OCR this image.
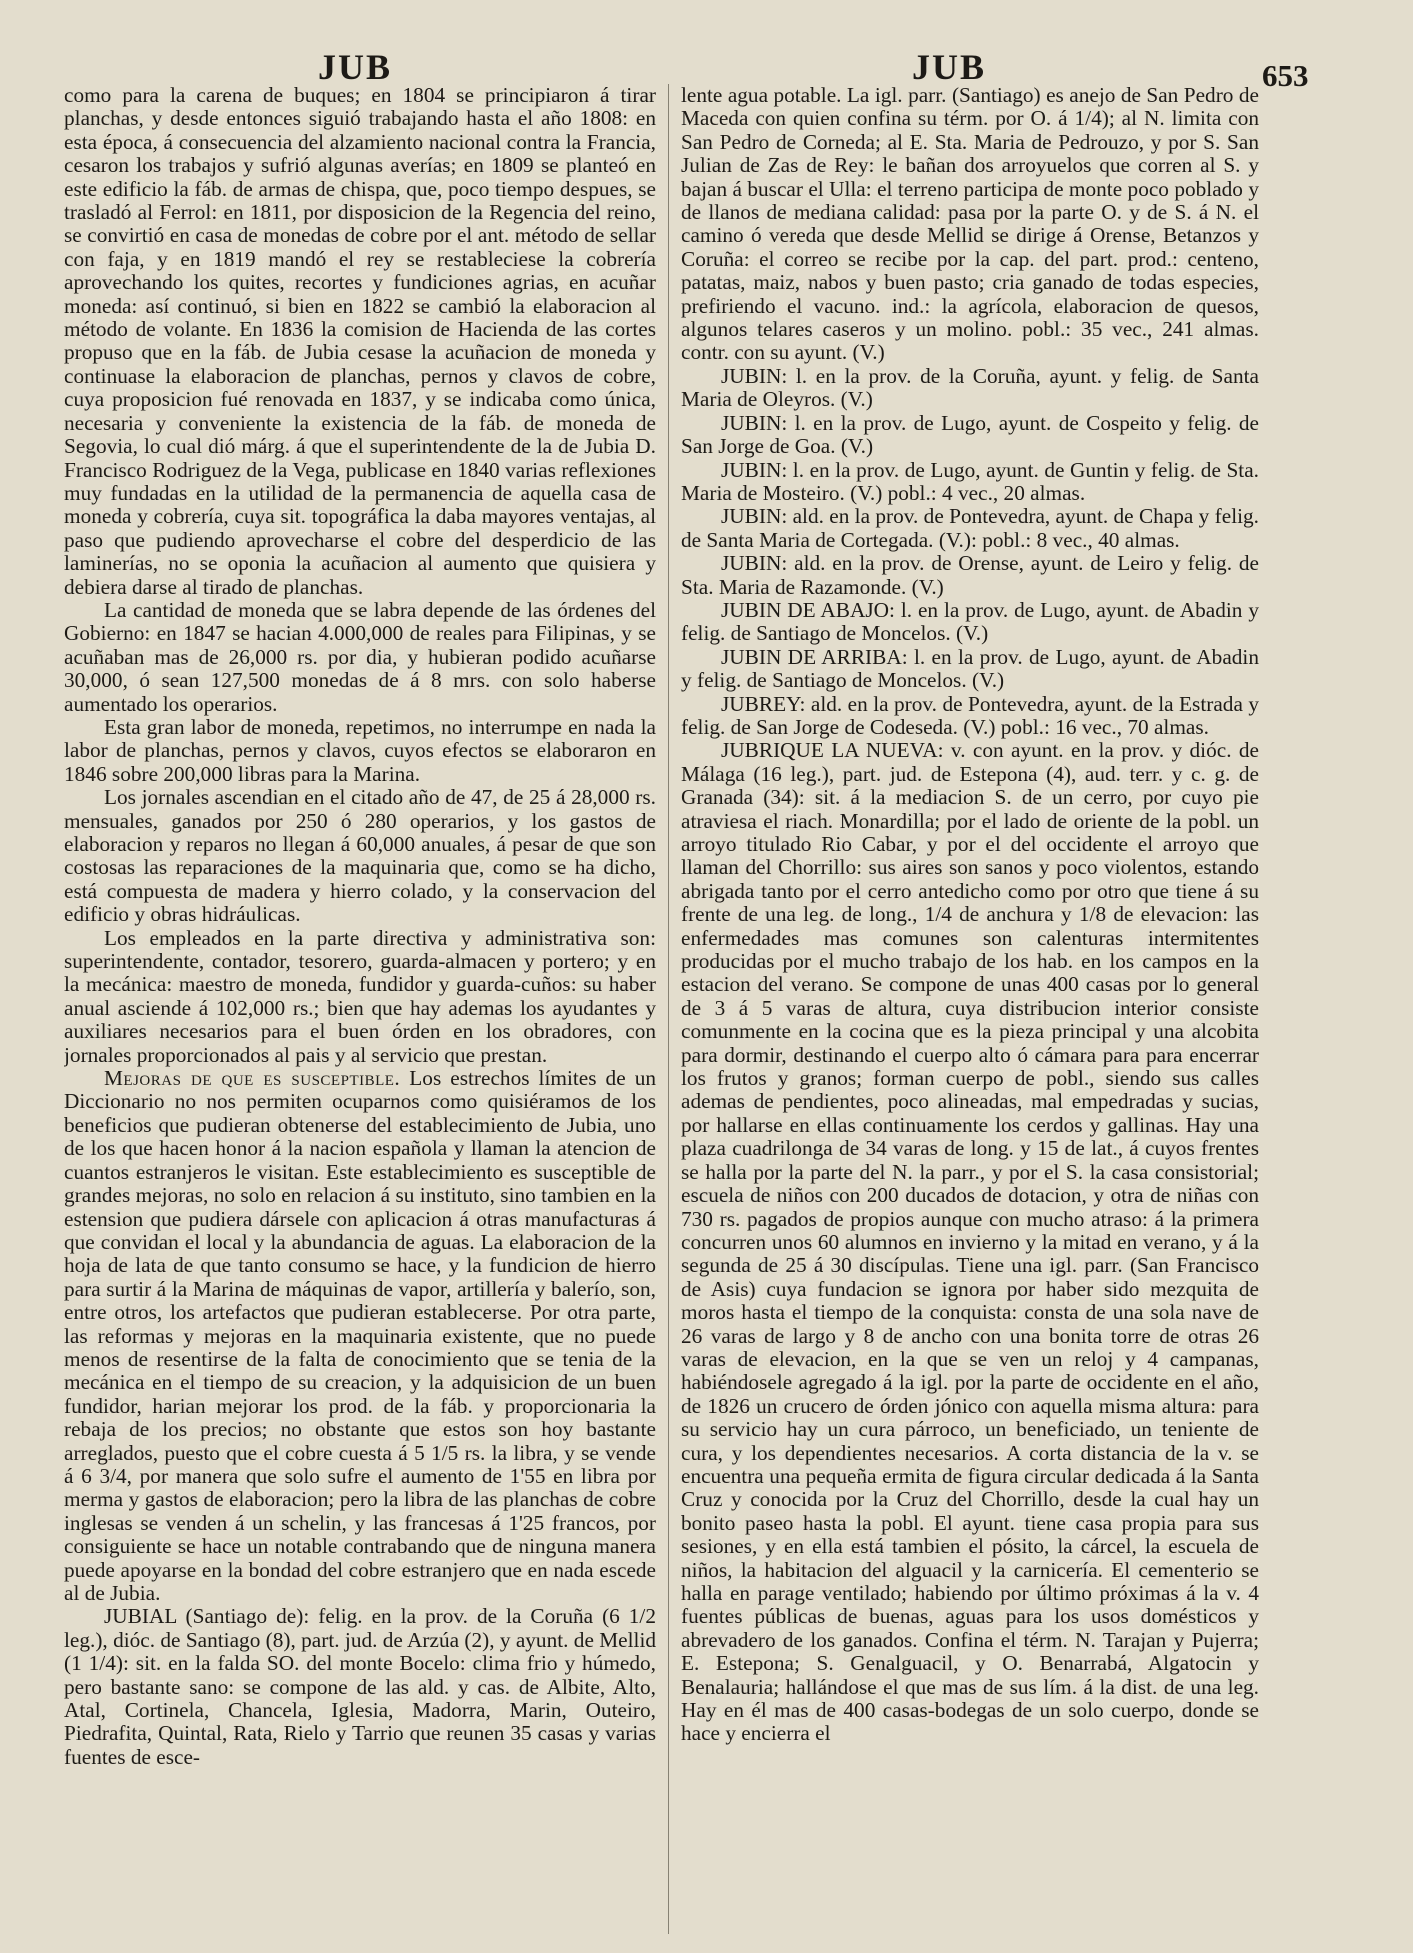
JUB	JUB	653

como para la carena de buques; en 1804 se principiaron á tirar planchas, y desde entonces siguió trabajando hasta el año 1808: en esta época, á consecuencia del alzamiento nacional contra la Francia, cesaron los trabajos y sufrió algunas averías; en 1809 se planteó en este edificio la fáb. de armas de chispa, que, poco tiempo despues, se trasladó al Ferrol: en 1811, por disposicion de la Regencia del reino, se convirtió en casa de monedas de cobre por el ant. método de sellar con faja, y en 1819 mandó el rey se restableciese la cobrería aprovechando los quites, recortes y fundiciones agrias, en acuñar moneda: así continuó, si bien en 1822 se cambió la elaboracion al método de volante. En 1836 la comision de Hacienda de las cortes propuso que en la fáb. de Jubia cesase la acuñacion de moneda y continuase la elaboracion de planchas, pernos y clavos de cobre, cuya proposicion fué renovada en 1837, y se indicaba como única, necesaria y conveniente la existencia de la fáb. de moneda de Segovia, lo cual dió márg. á que el superintendente de la de Jubia D. Francisco Rodriguez de la Vega, publicase en 1840 varias reflexiones muy fundadas en la utilidad de la permanencia de aquella casa de moneda y cobrería, cuya sit. topográfica la daba mayores ventajas, al paso que pudiendo aprovecharse el cobre del desperdicio de las laminerías, no se oponia la acuñacion al aumento que quisiera y debiera darse al tirado de planchas.

La cantidad de moneda que se labra depende de las órdenes del Gobierno: en 1847 se hacian 4.000,000 de reales para Filipinas, y se acuñaban mas de 26,000 rs. por dia, y hubieran podido acuñarse 30,000, ó sean 127,500 monedas de á 8 mrs. con solo haberse aumentado los operarios.

Esta gran labor de moneda, repetimos, no interrumpe en nada la labor de planchas, pernos y clavos, cuyos efectos se elaboraron en 1846 sobre 200,000 libras para la Marina.

Los jornales ascendian en el citado año de 47, de 25 á 28,000 rs. mensuales, ganados por 250 ó 280 operarios, y los gastos de elaboracion y reparos no llegan á 60,000 anuales, á pesar de que son costosas las reparaciones de la maquinaria que, como se ha dicho, está compuesta de madera y hierro colado, y la conservacion del edificio y obras hidráulicas.

Los empleados en la parte directiva y administrativa son: superintendente, contador, tesorero, guarda-almacen y portero; y en la mecánica: maestro de moneda, fundidor y guarda-cuños: su haber anual asciende á 102,000 rs.; bien que hay ademas los ayudantes y auxiliares necesarios para el buen órden en los obradores, con jornales proporcionados al pais y al servicio que prestan.

Mejoras de que es susceptible. Los estrechos límites de un Diccionario no nos permiten ocuparnos como quisiéramos de los beneficios que pudieran obtenerse del establecimiento de Jubia, uno de los que hacen honor á la nacion española y llaman la atencion de cuantos estranjeros le visitan. Este establecimiento es susceptible de grandes mejoras, no solo en relacion á su instituto, sino tambien en la estension que pudiera dársele con aplicacion á otras manufacturas á que convidan el local y la abundancia de aguas. La elaboracion de la hoja de lata de que tanto consumo se hace, y la fundicion de hierro para surtir á la Marina de máquinas de vapor, artillería y balerío, son, entre otros, los artefactos que pudieran establecerse. Por otra parte, las reformas y mejoras en la maquinaria existente, que no puede menos de resentirse de la falta de conocimiento que se tenia de la mecánica en el tiempo de su creacion, y la adquisicion de un buen fundidor, harian mejorar los prod. de la fáb. y proporcionaria la rebaja de los precios; no obstante que estos son hoy bastante arreglados, puesto que el cobre cuesta á 5 1/5 rs. la libra, y se vende á 6 3/4, por manera que solo sufre el aumento de 1'55 en libra por merma y gastos de elaboracion; pero la libra de las planchas de cobre inglesas se venden á un schelin, y las francesas á 1'25 francos, por consiguiente se hace un notable contrabando que de ninguna manera puede apoyarse en la bondad del cobre estranjero que en nada escede al de Jubia.

JUBIAL (Santiago de): felig. en la prov. de la Coruña (6 1/2 leg.), dióc. de Santiago (8), part. jud. de Arzúa (2), y ayunt. de Mellid (1 1/4): sit. en la falda SO. del monte Bocelo: clima frio y húmedo, pero bastante sano: se compone de las ald. y cas. de Albite, Alto, Atal, Cortinela, Chancela, Iglesia, Madorra, Marin, Outeiro, Piedrafita, Quintal, Rata, Rielo y Tarrio que reunen 35 casas y varias fuentes de esce-

lente agua potable. La igl. parr. (Santiago) es anejo de San Pedro de Maceda con quien confina su térm. por O. á 1/4); al N. limita con San Pedro de Corneda; al E. Sta. Maria de Pedrouzo, y por S. San Julian de Zas de Rey: le bañan dos arroyuelos que corren al S. y bajan á buscar el Ulla: el terreno participa de monte poco poblado y de llanos de mediana calidad: pasa por la parte O. y de S. á N. el camino ó vereda que desde Mellid se dirige á Orense, Betanzos y Coruña: el correo se recibe por la cap. del part. prod.: centeno, patatas, maiz, nabos y buen pasto; cria ganado de todas especies, prefiriendo el vacuno. ind.: la agrícola, elaboracion de quesos, algunos telares caseros y un molino. pobl.: 35 vec., 241 almas. contr. con su ayunt. (V.)

JUBIN: l. en la prov. de la Coruña, ayunt. y felig. de Santa Maria de Oleyros. (V.)

JUBIN: l. en la prov. de Lugo, ayunt. de Cospeito y felig. de San Jorge de Goa. (V.)

JUBIN: l. en la prov. de Lugo, ayunt. de Guntin y felig. de Sta. Maria de Mosteiro. (V.) pobl.: 4 vec., 20 almas.

JUBIN: ald. en la prov. de Pontevedra, ayunt. de Chapa y felig. de Santa Maria de Cortegada. (V.): pobl.: 8 vec., 40 almas.

JUBIN: ald. en la prov. de Orense, ayunt. de Leiro y felig. de Sta. Maria de Razamonde. (V.)

JUBIN DE ABAJO: l. en la prov. de Lugo, ayunt. de Abadin y felig. de Santiago de Moncelos. (V.)

JUBIN DE ARRIBA: l. en la prov. de Lugo, ayunt. de Abadin y felig. de Santiago de Moncelos. (V.)

JUBREY: ald. en la prov. de Pontevedra, ayunt. de la Estrada y felig. de San Jorge de Codeseda. (V.) pobl.: 16 vec., 70 almas.

JUBRIQUE LA NUEVA: v. con ayunt. en la prov. y dióc. de Málaga (16 leg.), part. jud. de Estepona (4), aud. terr. y c. g. de Granada (34): sit. á la mediacion S. de un cerro, por cuyo pie atraviesa el riach. Monardilla; por el lado de oriente de la pobl. un arroyo titulado Rio Cabar, y por el del occidente el arroyo que llaman del Chorrillo: sus aires son sanos y poco violentos, estando abrigada tanto por el cerro antedicho como por otro que tiene á su frente de una leg. de long., 1/4 de anchura y 1/8 de elevacion: las enfermedades mas comunes son calenturas intermitentes producidas por el mucho trabajo de los hab. en los campos en la estacion del verano. Se compone de unas 400 casas por lo general de 3 á 5 varas de altura, cuya distribucion interior consiste comunmente en la cocina que es la pieza principal y una alcobita para dormir, destinando el cuerpo alto ó cámara para para encerrar los frutos y granos; forman cuerpo de pobl., siendo sus calles ademas de pendientes, poco alineadas, mal empedradas y sucias, por hallarse en ellas continuamente los cerdos y gallinas. Hay una plaza cuadrilonga de 34 varas de long. y 15 de lat., á cuyos frentes se halla por la parte del N. la parr., y por el S. la casa consistorial; escuela de niños con 200 ducados de dotacion, y otra de niñas con 730 rs. pagados de propios aunque con mucho atraso: á la primera concurren unos 60 alumnos en invierno y la mitad en verano, y á la segunda de 25 á 30 discípulas. Tiene una igl. parr. (San Francisco de Asis) cuya fundacion se ignora por haber sido mezquita de moros hasta el tiempo de la conquista: consta de una sola nave de 26 varas de largo y 8 de ancho con una bonita torre de otras 26 varas de elevacion, en la que se ven un reloj y 4 campanas, habiéndosele agregado á la igl. por la parte de occidente en el año, de 1826 un crucero de órden jónico con aquella misma altura: para su servicio hay un cura párroco, un beneficiado, un teniente de cura, y los dependientes necesarios. A corta distancia de la v. se encuentra una pequeña ermita de figura circular dedicada á la Santa Cruz y conocida por la Cruz del Chorrillo, desde la cual hay un bonito paseo hasta la pobl. El ayunt. tiene casa propia para sus sesiones, y en ella está tambien el pósito, la cárcel, la escuela de niños, la habitacion del alguacil y la carnicería. El cementerio se halla en parage ventilado; habiendo por último próximas á la v. 4 fuentes públicas de buenas, aguas para los usos domésticos y abrevadero de los ganados. Confina el térm. N. Tarajan y Pujerra; E. Estepona; S. Genalguacil, y O. Benarrabá, Algatocin y Benalauria; hallándose el que mas de sus lím. á la dist. de una leg. Hay en él mas de 400 casas-bodegas de un solo cuerpo, donde se hace y encierra el
